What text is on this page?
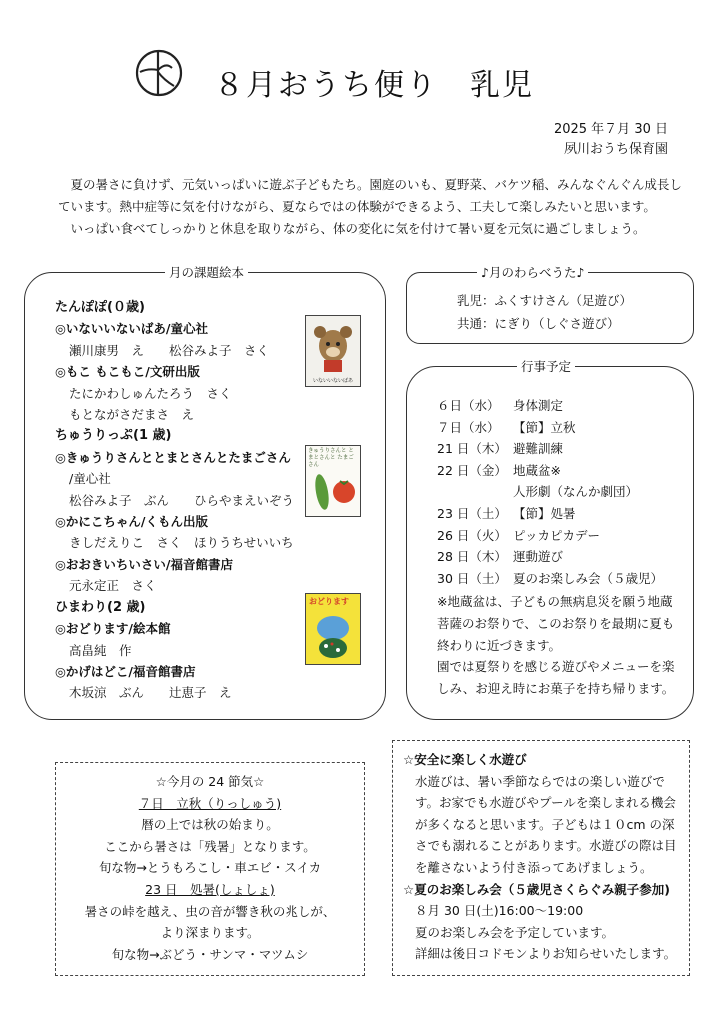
８月おうち便り　乳児
2025 年７月 30 日
夙川おうち保育園

夏の暑さに負けず、元気いっぱいに遊ぶ子どもたち。園庭のいも、夏野菜、バケツ稲、みんなぐんぐん成長しています。熱中症等に気を付けながら、夏ならではの体験ができるよう、工夫して楽しみたいと思います。

いっぱい食べてしっかりと休息を取りながら、体の変化に気を付けて暑い夏を元気に過ごしましょう。

月の課題絵本
たんぽぽ(０歳)
◎いないいないばあ/童心社
瀬川康男　え　　松谷みよ子　さく
◎もこ もこもこ/文研出版
たにかわしゅんたろう　さく
もとながさだまさ　え
ちゅうりっぷ(1 歳)
◎きゅうりさんととまとさんとたまごさん
/童心社
松谷みよ子　ぶん　　ひらやまえいぞう
◎かにこちゃん/くもん出版
きしだえりこ　さく　ほりうちせいいち
◎おおきいちいさい/福音館書店
元永定正　さく
ひまわり(2 歳)
◎おどります/絵本館
高畠純　作
◎かげはどこ/福音館書店
木坂涼　ぶん　　辻恵子　え
いないいないばあ
きゅうりさんと とまとさんと たまごさん
おどります
♪月のわらべうた♪
乳児：ふくすけさん（足遊び）
共通：にぎり（しぐさ遊び）
行事予定
６日（水）	身体測定
７日（水）	【節】立秋
21 日（木） 避難訓練
22 日（金） 地蔵盆※
人形劇（なんか劇団）
23 日（土） 【節】処暑
26 日（火） ピッカピカデー
28 日（木） 運動遊び
30 日（土） 夏のお楽しみ会（５歳児）
※地蔵盆は、子どもの無病息災を願う地蔵菩薩のお祭りで、このお祭りを最期に夏も終わりに近づきます。
園では夏祭りを感じる遊びやメニューを楽しみ、お迎え時にお菓子を持ち帰ります。
☆今月の 24 節気☆
７日　立秋（りっしゅう)
暦の上では秋の始まり。
ここから暑さは「残暑」となります。
旬な物→とうもろこし・車エビ・スイカ
23 日　処暑(しょしょ)
暑さの峠を越え、虫の音が響き秋の兆しが、
より深まります。
旬な物→ぶどう・サンマ・マツムシ
☆安全に楽しく水遊び
水遊びは、暑い季節ならではの楽しい遊びです。お家でも水遊びやプールを楽しまれる機会が多くなると思います。子どもは１０cm の深さでも溺れることがあります。水遊びの際は目を離さないよう付き添ってあげましょう。
☆夏のお楽しみ会（５歳児さくらぐみ親子参加)
８月 30 日(土)16:00〜19:00
夏のお楽しみ会を予定しています。
詳細は後日コドモンよりお知らせいたします。
